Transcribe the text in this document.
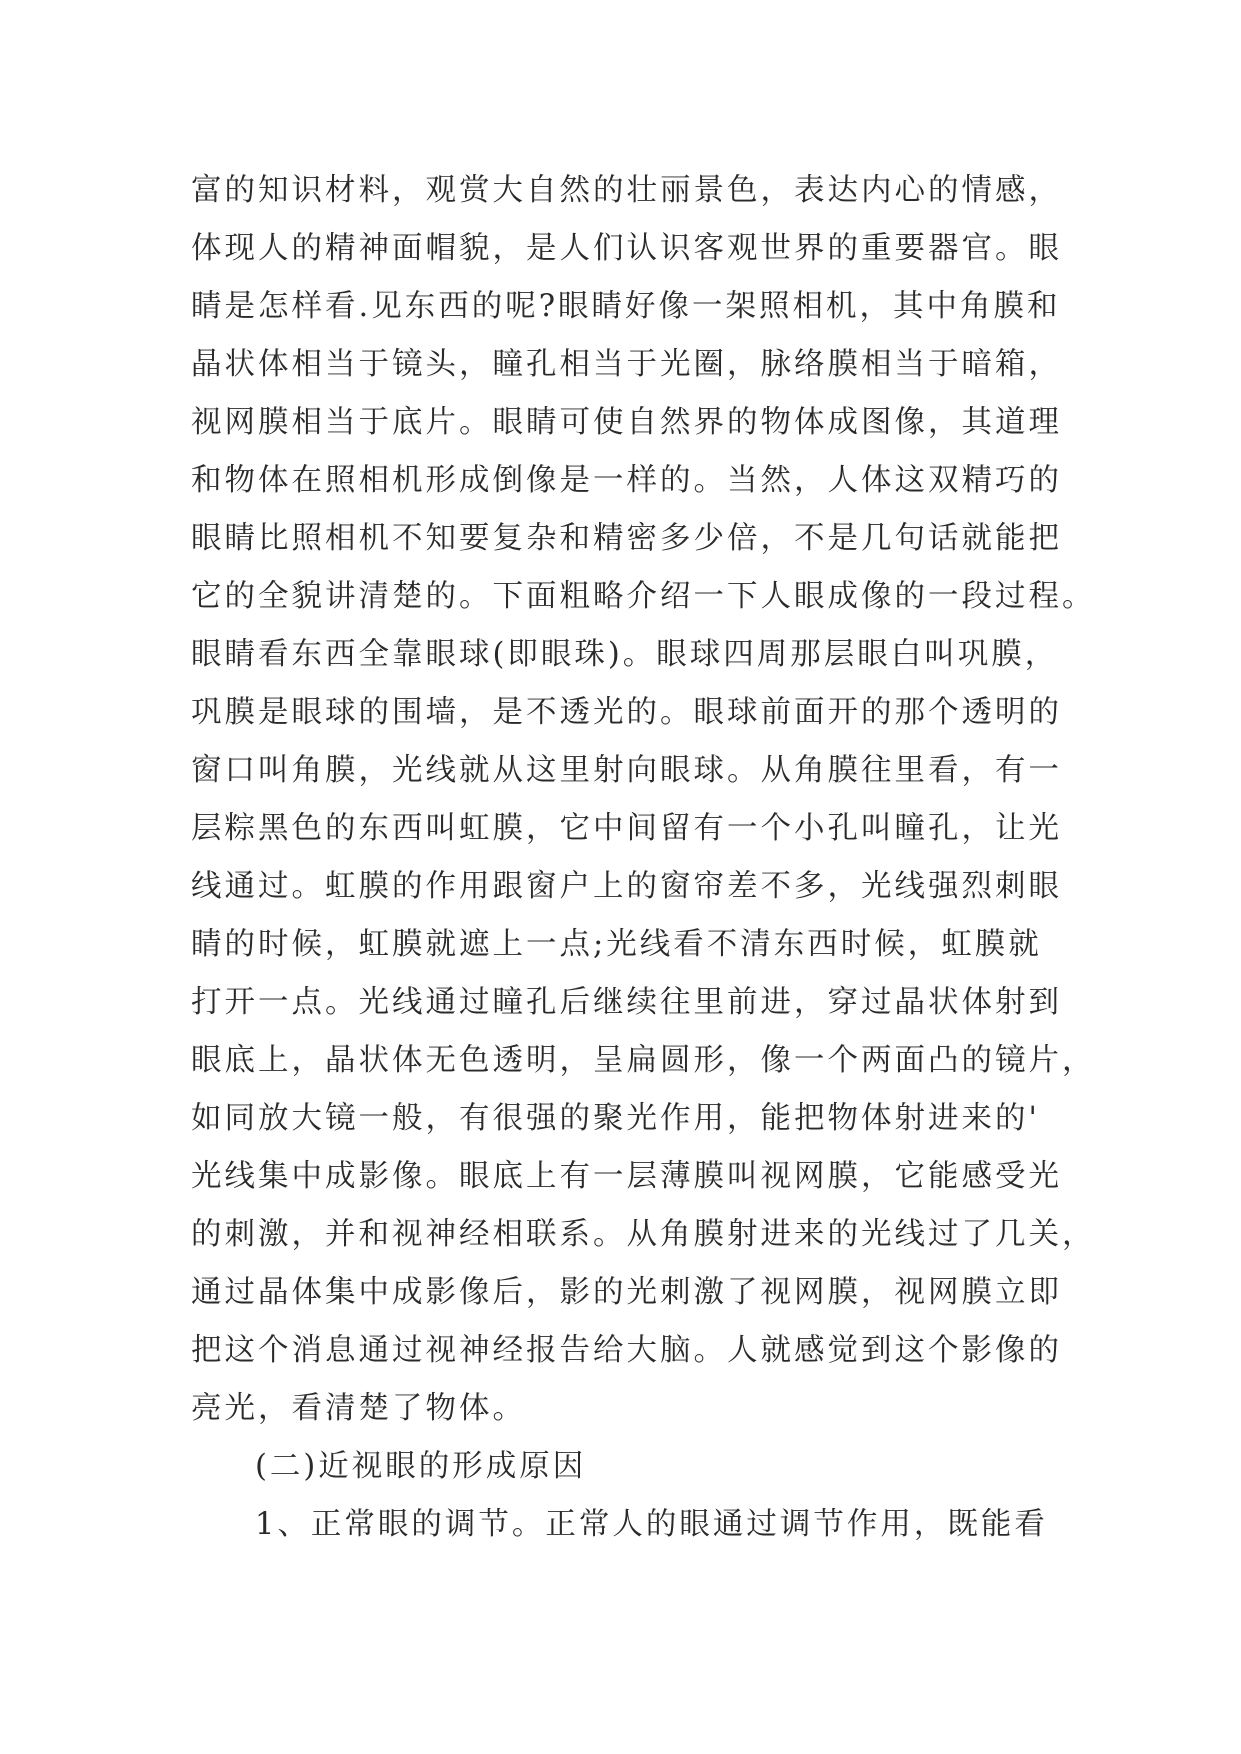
富的知识材料，观赏大自然的壮丽景色，表达内心的情感，
体现人的精神面帽貌，是人们认识客观世界的重要器官。眼
睛是怎样看.见东西的呢?眼睛好像一架照相机，其中角膜和
晶状体相当于镜头，瞳孔相当于光圈，脉络膜相当于暗箱，
视网膜相当于底片。眼睛可使自然界的物体成图像，其道理
和物体在照相机形成倒像是一样的。当然，人体这双精巧的
眼睛比照相机不知要复杂和精密多少倍，不是几句话就能把
它的全貌讲清楚的。下面粗略介绍一下人眼成像的一段过程。
眼睛看东西全靠眼球(即眼珠)。眼球四周那层眼白叫巩膜，
巩膜是眼球的围墙，是不透光的。眼球前面开的那个透明的
窗口叫角膜，光线就从这里射向眼球。从角膜往里看，有一
层粽黑色的东西叫虹膜，它中间留有一个小孔叫瞳孔，让光
线通过。虹膜的作用跟窗户上的窗帘差不多，光线强烈刺眼
睛的时候，虹膜就遮上一点;光线看不清东西时候，虹膜就
打开一点。光线通过瞳孔后继续往里前进，穿过晶状体射到
眼底上，晶状体无色透明，呈扁圆形，像一个两面凸的镜片，
如同放大镜一般，有很强的聚光作用，能把物体射进来的'
光线集中成影像。眼底上有一层薄膜叫视网膜，它能感受光
的刺激，并和视神经相联系。从角膜射进来的光线过了几关，
通过晶体集中成影像后，影的光刺激了视网膜，视网膜立即
把这个消息通过视神经报告给大脑。人就感觉到这个影像的
亮光，看清楚了物体。
(二)近视眼的形成原因
1、正常眼的调节。正常人的眼通过调节作用，既能看
